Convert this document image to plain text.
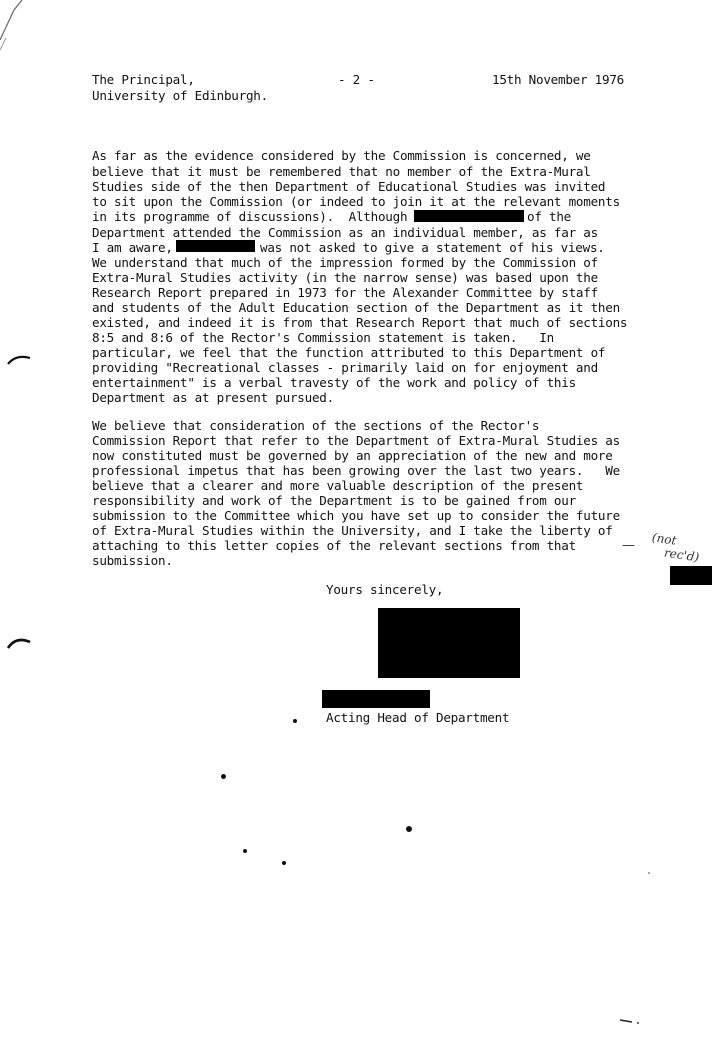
The Principal,
University of Edinburgh.
- 2 -	15th November 1976
As far as the evidence considered by the Commission is concerned, we
believe that it must be remembered that no member of the Extra-Mural
Studies side of the then Department of Educational Studies was invited
to sit upon the Commission (or indeed to join it at the relevant moments
in its programme of discussions).  Although	of the
Department attended the Commission as an individual member, as far as
I am aware,	was not asked to give a statement of his views.
We understand that much of the impression formed by the Commission of
Extra-Mural Studies activity (in the narrow sense) was based upon the
Research Report prepared in 1973 for the Alexander Committee by staff
and students of the Adult Education section of the Department as it then
existed, and indeed it is from that Research Report that much of sections
8:5 and 8:6 of the Rector's Commission statement is taken.   In
particular, we feel that the function attributed to this Department of
providing "Recreational classes - primarily laid on for enjoyment and
entertainment" is a verbal travesty of the work and policy of this
Department as at present pursued.
We believe that consideration of the sections of the Rector's
Commission Report that refer to the Department of Extra-Mural Studies as
now constituted must be governed by an appreciation of the new and more
professional impetus that has been growing over the last two years.   We
believe that a clearer and more valuable description of the present
responsibility and work of the Department is to be gained from our
submission to the Committee which you have set up to consider the future
of Extra-Mural Studies within the University, and I take the liberty of
attaching to this letter copies of the relevant sections from that
submission.
— (not
rec'd)
Yours sincerely,
Acting Head of Department
